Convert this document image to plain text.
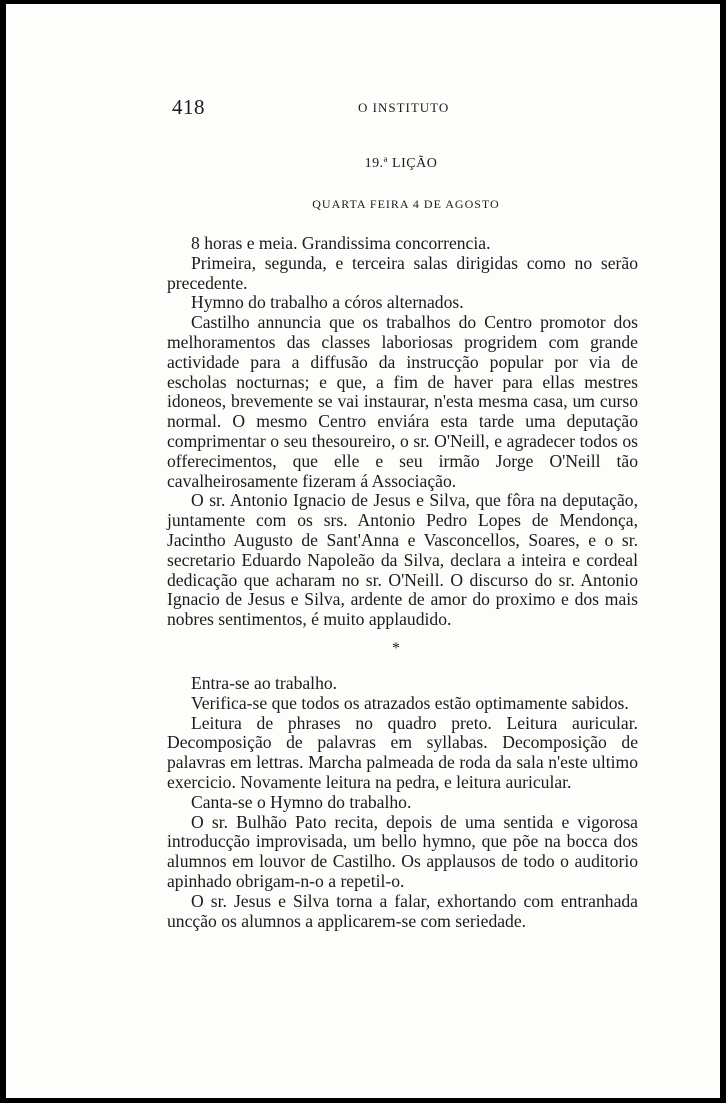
418	O INSTITUTO
19.ª LIÇÃO
QUARTA FEIRA 4 DE AGOSTO

8 horas e meia. Grandissima concorrencia.

Primeira, segunda, e terceira salas dirigidas como no serão precedente.

Hymno do trabalho a córos alternados.

Castilho annuncia que os trabalhos do Centro promotor dos melhoramentos das classes laboriosas progridem com grande actividade para a diffusão da instrucção popular por via de escholas nocturnas; e que, a fim de haver para ellas mestres idoneos, brevemente se vai instaurar, n'esta mesma casa, um curso normal. O mesmo Centro enviára esta tarde uma deputação comprimentar o seu thesoureiro, o sr. O'Neill, e agradecer todos os offerecimentos, que elle e seu irmão Jorge O'Neill tão cavalheirosamente fizeram á Associação.

O sr. Antonio Ignacio de Jesus e Silva, que fôra na deputação, juntamente com os srs. Antonio Pedro Lopes de Mendonça, Jacintho Augusto de Sant'Anna e Vasconcellos, Soares, e o sr. secretario Eduardo Napoleão da Silva, declara a inteira e cordeal dedicação que acharam no sr. O'Neill. O discurso do sr. Antonio Ignacio de Jesus e Silva, ardente de amor do proximo e dos mais nobres sentimentos, é muito applaudido.

*

Entra-se ao trabalho.

Verifica-se que todos os atrazados estão optimamente sabidos.

Leitura de phrases no quadro preto. Leitura auricular. Decomposição de palavras em syllabas. Decomposição de palavras em lettras. Marcha palmeada de roda da sala n'este ultimo exercicio. Novamente leitura na pedra, e leitura auricular.

Canta-se o Hymno do trabalho.

O sr. Bulhão Pato recita, depois de uma sentida e vigorosa introducção improvisada, um bello hymno, que põe na bocca dos alumnos em louvor de Castilho. Os applausos de todo o auditorio apinhado obrigam-n-o a repetil-o.

O sr. Jesus e Silva torna a falar, exhortando com entranhada uncção os alumnos a applicarem-se com seriedade.
